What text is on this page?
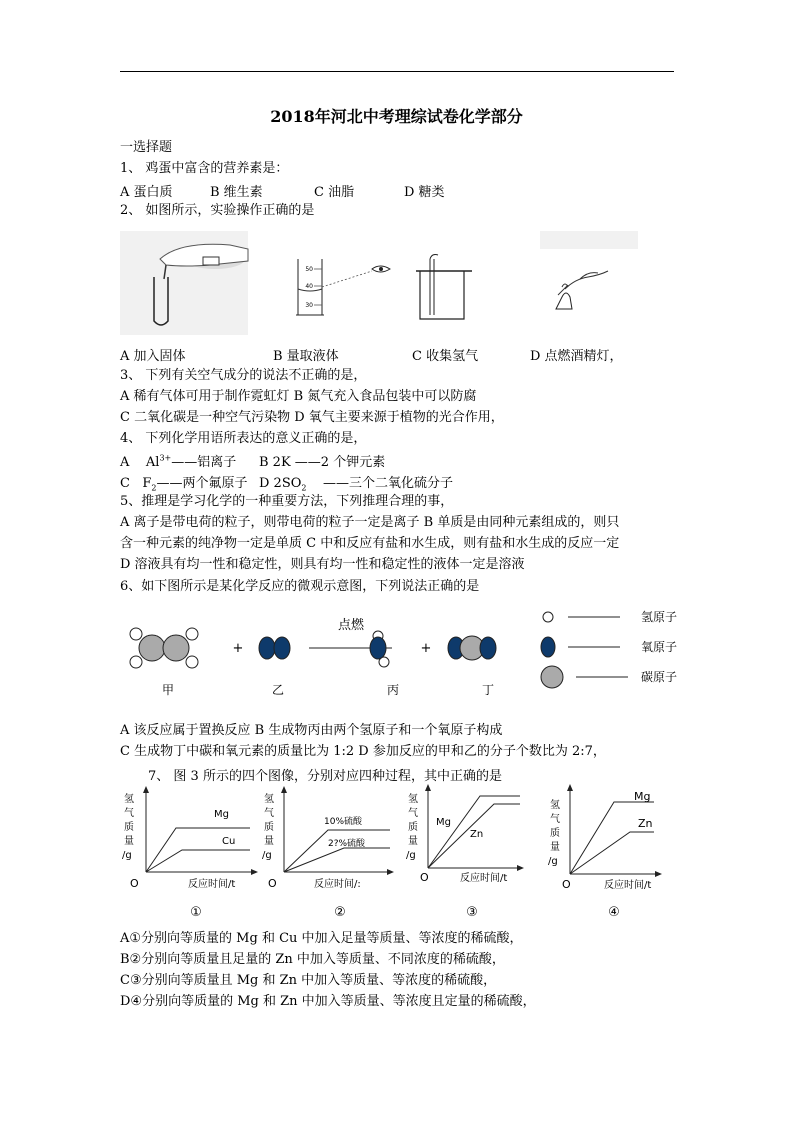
2018年河北中考理综试卷化学部分
一选择题
1、 鸡蛋中富含的营养素是：
A 蛋白质	B 维生素	C 油脂	D 糖类
2、 如图所示，实验操作正确的是
50
40
30
A 加入固体	B 量取液体	C 收集氢气	D 点燃酒精灯，
3、 下列有关空气成分的说法不正确的是，
A 稀有气体可用于制作霓虹灯 B 氮气充入食品包装中可以防腐
C 二氧化碳是一种空气污染物 D 氧气主要来源于植物的光合作用，
4、 下列化学用语所表达的意义正确的是，
A $Al^{3+}——$铝离子 B 2K ——2 个钾元素
C $F_2——$两个氟原子 D $2SO_2$ ——三个二氧化硫分子
5、推理是学习化学的一种重要方法，下列推理合理的事，
A 离子是带电荷的粒子，则带电荷的粒子一定是离子 B 单质是由同种元素组成的，则只
含一种元素的纯净物一定是单质 C 中和反应有盐和水生成，则有盐和水生成的反应一定
D 溶液具有均一性和稳定性，则具有均一性和稳定性的液体一定是溶液
6、如下图所示是某化学反应的微观示意图，下列说法正确的是
+
点燃
+
甲	乙	丙	丁
氢原子
氧原子
碳原子
A 该反应属于置换反应 B 生成物丙由两个氢原子和一个氧原子构成
C 生成物丁中碳和氧元素的质量比为 1:2 D 参加反应的甲和乙的分子个数比为 2:7，
7、 图 3 所示的四个图像，分别对应四种过程，其中正确的是
氢
气
质
量
/g
O	反应时间/t
Mg
Cu
①
氢
气
质
量
/g
O	反应时间/:
10%硫酸
2?%硫酸
②
氢
气
质
量
/g
O	反应时间/t
Mg
Zn
③
氢
气
质
量
/g
O	反应时间/t
Mg
Zn
④
A①分别向等质量的 Mg 和 Cu 中加入足量等质量、等浓度的稀硫酸，
B②分别向等质量且足量的 Zn 中加入等质量、不同浓度的稀硫酸，
C③分别向等质量且 Mg 和 Zn 中加入等质量、等浓度的稀硫酸，
D④分别向等质量的 Mg 和 Zn 中加入等质量、等浓度且定量的稀硫酸，
